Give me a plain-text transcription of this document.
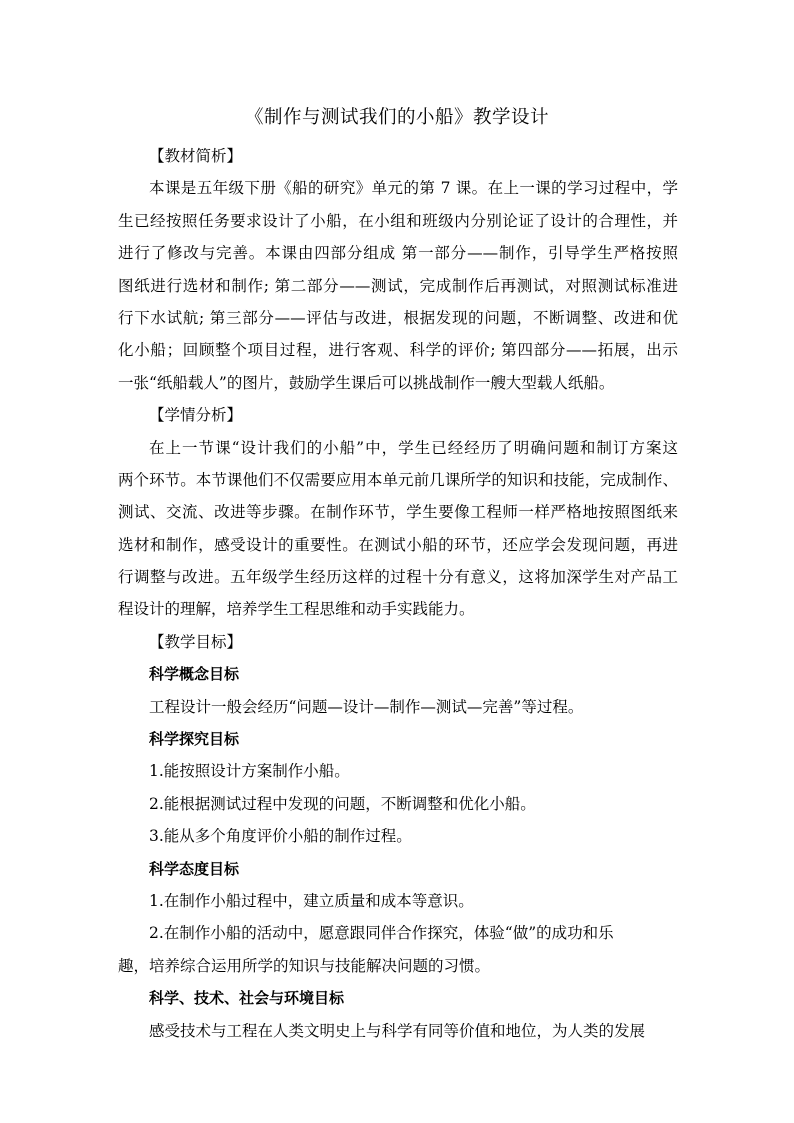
《制作与测试我们的小船》教学设计
【教材简析】
本课是五年级下册《船的研究》单元的第 7 课。在上一课的学习过程中，学
生已经按照任务要求设计了小船，在小组和班级内分别论证了设计的合理性，并
进行了修改与完善。本课由四部分组成 第一部分——制作，引导学生严格按照
图纸进行选材和制作; 第二部分——测试，完成制作后再测试，对照测试标准进
行下水试航; 第三部分——评估与改进，根据发现的问题，不断调整、改进和优
化小船；回顾整个项目过程，进行客观、科学的评价; 第四部分——拓展，出示
一张“纸船载人”的图片，鼓励学生课后可以挑战制作一艘大型载人纸船。
【学情分析】
在上一节课“设计我们的小船”中，学生已经经历了明确问题和制订方案这
两个环节。本节课他们不仅需要应用本单元前几课所学的知识和技能，完成制作、
测试、交流、改进等步骤。在制作环节，学生要像工程师一样严格地按照图纸来
选材和制作，感受设计的重要性。在测试小船的环节，还应学会发现问题，再进
行调整与改进。五年级学生经历这样的过程十分有意义，这将加深学生对产品工
程设计的理解，培养学生工程思维和动手实践能力。
【教学目标】
科学概念目标
工程设计一般会经历“问题—设计—制作—测试—完善”等过程。
科学探究目标
1.能按照设计方案制作小船。
2.能根据测试过程中发现的问题，不断调整和优化小船。
3.能从多个角度评价小船的制作过程。
科学态度目标
1.在制作小船过程中，建立质量和成本等意识。
2.在制作小船的活动中，愿意跟同伴合作探究，体验“做”的成功和乐
趣，培养综合运用所学的知识与技能解决问题的习惯。
科学、技术、社会与环境目标
感受技术与工程在人类文明史上与科学有同等价值和地位，为人类的发展
